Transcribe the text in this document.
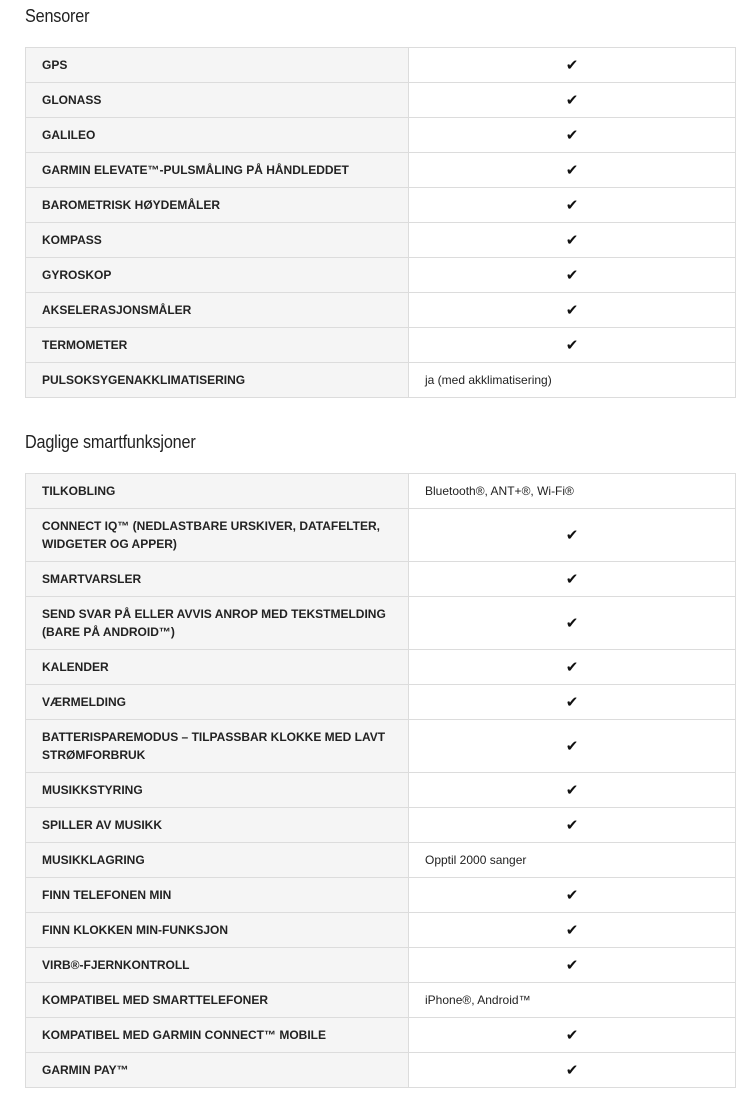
Sensorer
GPS	✔
GLONASS	✔
GALILEO	✔
GARMIN ELEVATE™-PULSMÅLING PÅ HÅNDLEDDET	✔
BAROMETRISK HØYDEMÅLER	✔
KOMPASS	✔
GYROSKOP	✔
AKSELERASJONSMÅLER	✔
TERMOMETER	✔
PULSOKSYGENAKKLIMATISERING	ja (med akklimatisering)
Daglige smartfunksjoner
TILKOBLING	Bluetooth®, ANT+®, Wi-Fi®
CONNECT IQ™ (NEDLASTBARE URSKIVER, DATAFELTER, WIDGETER OG APPER)	✔
SMARTVARSLER	✔
SEND SVAR PÅ ELLER AVVIS ANROP MED TEKSTMELDING (BARE PÅ ANDROID™)	✔
KALENDER	✔
VÆRMELDING	✔
BATTERISPAREMODUS – TILPASSBAR KLOKKE MED LAVT STRØMFORBRUK	✔
MUSIKKSTYRING	✔
SPILLER AV MUSIKK	✔
MUSIKKLAGRING	Opptil 2000 sanger
FINN TELEFONEN MIN	✔
FINN KLOKKEN MIN-FUNKSJON	✔
VIRB®-FJERNKONTROLL	✔
KOMPATIBEL MED SMARTTELEFONER	iPhone®, Android™
KOMPATIBEL MED GARMIN CONNECT™ MOBILE	✔
GARMIN PAY™	✔
